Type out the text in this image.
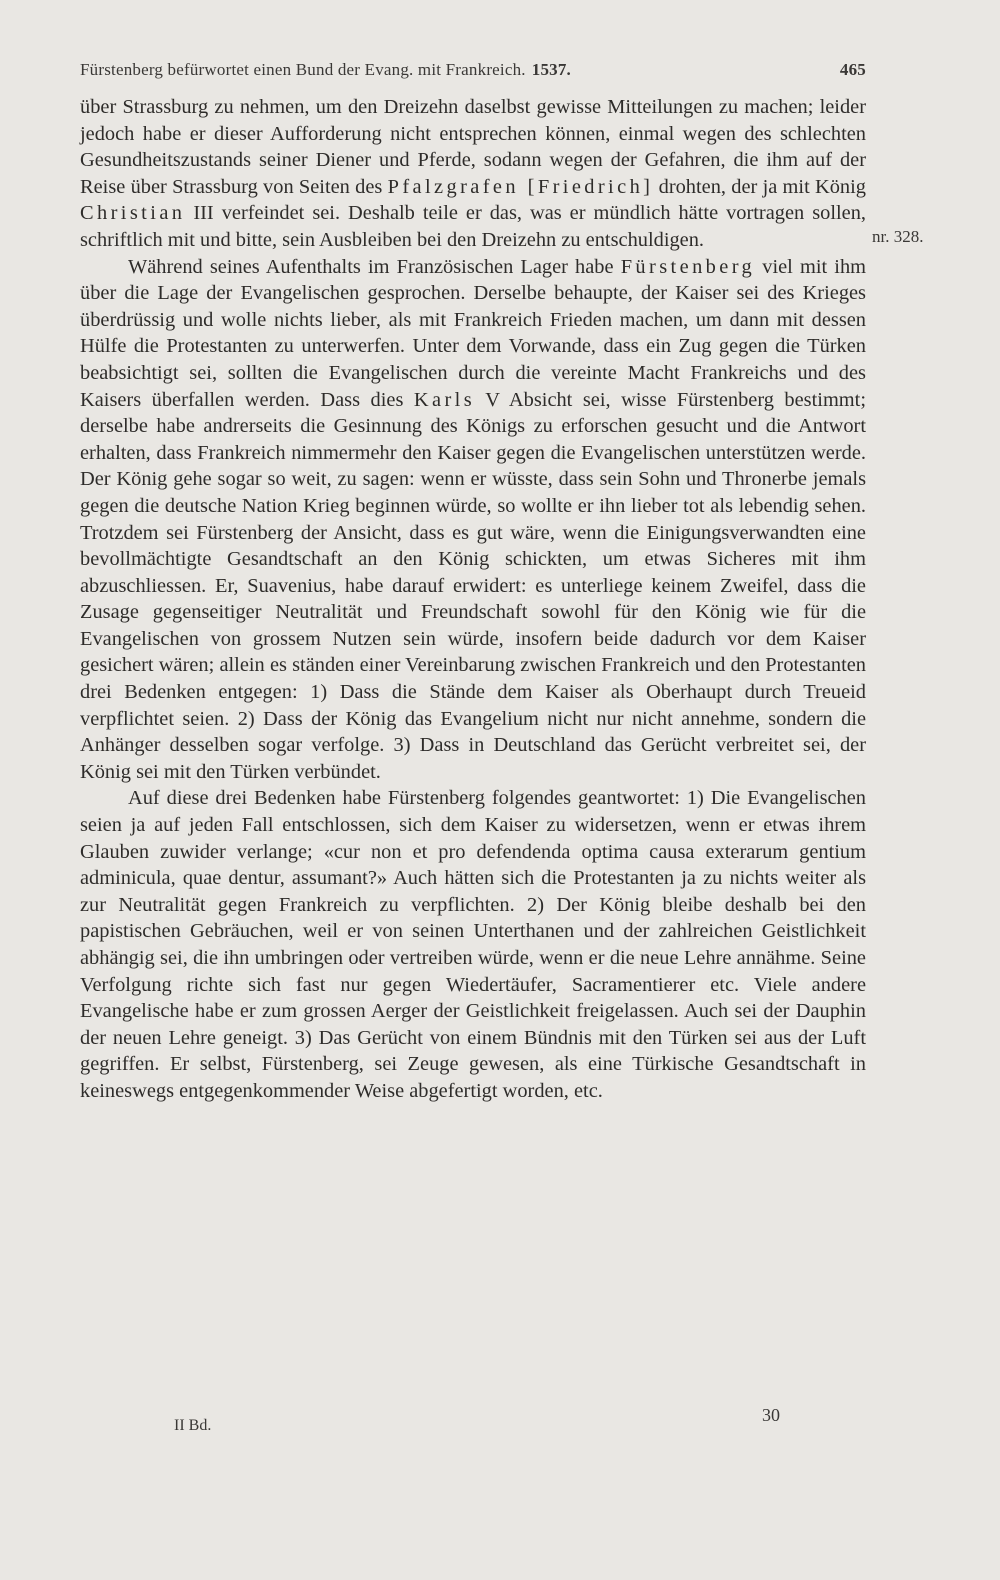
Fürstenberg befürwortet einen Bund der Evang. mit Frankreich. 1537.	465

über Strassburg zu nehmen, um den Dreizehn daselbst gewisse Mitteilungen zu machen; leider jedoch habe er dieser Aufforderung nicht entsprechen können, einmal wegen des schlechten Gesundheitszustands seiner Diener und Pferde, sodann wegen der Gefahren, die ihm auf der Reise über Strassburg von Seiten des Pfalzgrafen [Friedrich] drohten, der ja mit König Christian III verfeindet sei. Deshalb teile er das, was er mündlich hätte vortragen sollen, schriftlich mit und bitte, sein Ausbleiben bei den Dreizehn zu entschuldigen.

Während seines Aufenthalts im Französischen Lager habe Fürstenberg viel mit ihm über die Lage der Evangelischen gesprochen. Derselbe behaupte, der Kaiser sei des Krieges überdrüssig und wolle nichts lieber, als mit Frankreich Frieden machen, um dann mit dessen Hülfe die Protestanten zu unterwerfen. Unter dem Vorwande, dass ein Zug gegen die Türken beabsichtigt sei, sollten die Evangelischen durch die vereinte Macht Frankreichs und des Kaisers überfallen werden. Dass dies Karls V Absicht sei, wisse Fürstenberg bestimmt; derselbe habe andrerseits die Gesinnung des Königs zu erforschen gesucht und die Antwort erhalten, dass Frankreich nimmermehr den Kaiser gegen die Evangelischen unterstützen werde. Der König gehe sogar so weit, zu sagen: wenn er wüsste, dass sein Sohn und Thronerbe jemals gegen die deutsche Nation Krieg beginnen würde, so wollte er ihn lieber tot als lebendig sehen. Trotzdem sei Fürstenberg der Ansicht, dass es gut wäre, wenn die Einigungsverwandten eine bevollmächtigte Gesandtschaft an den König schickten, um etwas Sicheres mit ihm abzuschliessen. Er, Suavenius, habe darauf erwidert: es unterliege keinem Zweifel, dass die Zusage gegenseitiger Neutralität und Freundschaft sowohl für den König wie für die Evangelischen von grossem Nutzen sein würde, insofern beide dadurch vor dem Kaiser gesichert wären; allein es ständen einer Vereinbarung zwischen Frankreich und den Protestanten drei Bedenken entgegen: 1) Dass die Stände dem Kaiser als Oberhaupt durch Treueid verpflichtet seien. 2) Dass der König das Evangelium nicht nur nicht annehme, sondern die Anhänger desselben sogar verfolge. 3) Dass in Deutschland das Gerücht verbreitet sei, der König sei mit den Türken verbündet.

Auf diese drei Bedenken habe Fürstenberg folgendes geantwortet: 1) Die Evangelischen seien ja auf jeden Fall entschlossen, sich dem Kaiser zu widersetzen, wenn er etwas ihrem Glauben zuwider verlange; «cur non et pro defendenda optima causa exterarum gentium adminicula, quae dentur, assumant?» Auch hätten sich die Protestanten ja zu nichts weiter als zur Neutralität gegen Frankreich zu verpflichten. 2) Der König bleibe deshalb bei den papistischen Gebräuchen, weil er von seinen Unterthanen und der zahlreichen Geistlichkeit abhängig sei, die ihn umbringen oder vertreiben würde, wenn er die neue Lehre annähme. Seine Verfolgung richte sich fast nur gegen Wiedertäufer, Sacramentierer etc. Viele andere Evangelische habe er zum grossen Aerger der Geistlichkeit freigelassen. Auch sei der Dauphin der neuen Lehre geneigt. 3) Das Gerücht von einem Bündnis mit den Türken sei aus der Luft gegriffen. Er selbst, Fürstenberg, sei Zeuge gewesen, als eine Türkische Gesandtschaft in keineswegs entgegenkommender Weise abgefertigt worden, etc.

II Bd.
30
nr. 328.
